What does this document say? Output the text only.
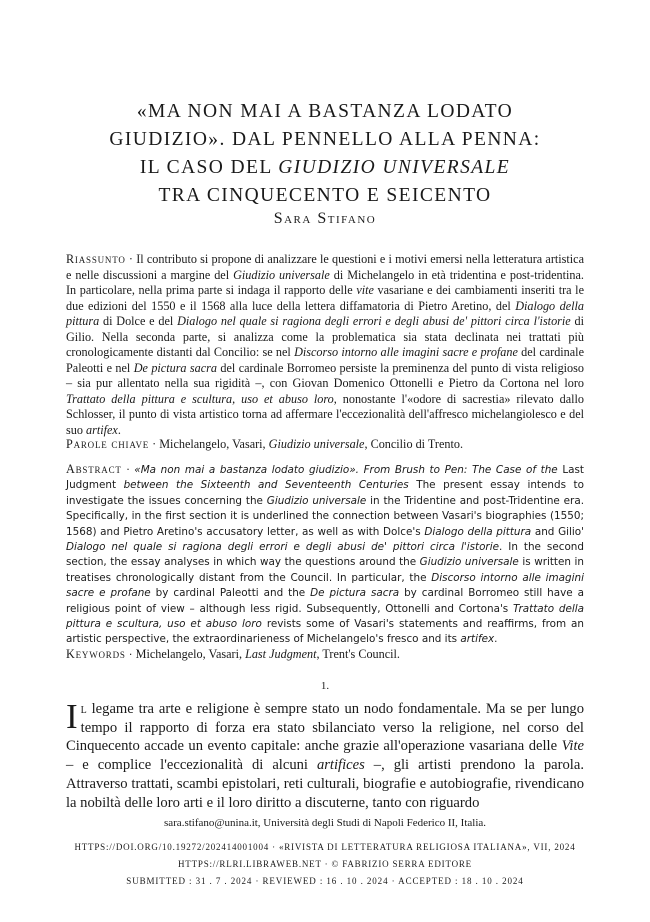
«MA NON MAI A BASTANZA LODATO
GIUDIZIO». DAL PENNELLO ALLA PENNA:
IL CASO DEL GIUDIZIO UNIVERSALE
TRA CINQUECENTO E SEICENTO
Sara Stifano
Riassunto · Il contributo si propone di analizzare le questioni e i motivi emersi nella letteratura artistica e nelle discussioni a margine del Giudizio universale di Michelangelo in età tridentina e post-tridentina. In particolare, nella prima parte si indaga il rapporto delle vite vasariane e dei cambiamenti inseriti tra le due edizioni del 1550 e il 1568 alla luce della lettera diffamatoria di Pietro Aretino, del Dialogo della pittura di Dolce e del Dialogo nel quale si ragiona degli errori e degli abusi de' pittori circa l'istorie di Gilio. Nella seconda parte, si analizza come la problematica sia stata declinata nei trattati più cronologicamente distanti dal Concilio: se nel Discorso intorno alle imagini sacre e profane del cardinale Paleotti e nel De pictura sacra del cardinale Borromeo persiste la preminenza del punto di vista religioso – sia pur allentato nella sua rigidità –, con Giovan Domenico Ottonelli e Pietro da Cortona nel loro Trattato della pittura e scultura, uso et abuso loro, nonostante l'«odore di sacrestia» rilevato dallo Schlosser, il punto di vista artistico torna ad affermare l'eccezionalità dell'affresco michelangiolesco e del suo artifex.
Parole chiave · Michelangelo, Vasari, Giudizio universale, Concilio di Trento.
Abstract · «Ma non mai a bastanza lodato giudizio». From Brush to Pen: The Case of the Last Judgment between the Sixteenth and Seventeenth Centuries The present essay intends to investigate the issues concerning the Giudizio universale in the Tridentine and post-Tridentine era. Specifically, in the first section it is underlined the connection between Vasari's biographies (1550; 1568) and Pietro Aretino's accusatory letter, as well as with Dolce's Dialogo della pittura and Gilio' Dialogo nel quale si ragiona degli errori e degli abusi de' pittori circa l'istorie. In the second section, the essay analyses in which way the questions around the Giudizio universale is written in treatises chronologically distant from the Council. In particular, the Discorso intorno alle imagini sacre e profane by cardinal Paleotti and the De pictura sacra by cardinal Borromeo still have a religious point of view – although less rigid. Subsequently, Ottonelli and Cortona's Trattato della pittura e scultura, uso et abuso loro revists some of Vasari's statements and reaffirms, from an artistic perspective, the extraordinarieness of Michelangelo's fresco and its artifex.
Keywords · Michelangelo, Vasari, Last Judgment, Trent's Council.
1.
Il legame tra arte e religione è sempre stato un nodo fondamentale. Ma se per lungo tempo il rapporto di forza era stato sbilanciato verso la religione, nel corso del Cinquecento accade un evento capitale: anche grazie all'operazione vasariana delle Vite – e complice l'eccezionalità di alcuni artifices –, gli artisti prendono la parola. Attraverso trattati, scambi epistolari, reti culturali, biografie e autobiografie, rivendicano la nobiltà delle loro arti e il loro diritto a discuterne, tanto con riguardo
sara.stifano@unina.it, Università degli Studi di Napoli Federico II, Italia.
HTTPS://DOI.ORG/10.19272/202414001004 · «RIVISTA DI LETTERATURA RELIGIOSA ITALIANA», VII, 2024
HTTPS://RLRI.LIBRAWEB.NET · © FABRIZIO SERRA EDITORE
SUBMITTED : 31 . 7 . 2024 · REVIEWED : 16 . 10 . 2024 · ACCEPTED : 18 . 10 . 2024
